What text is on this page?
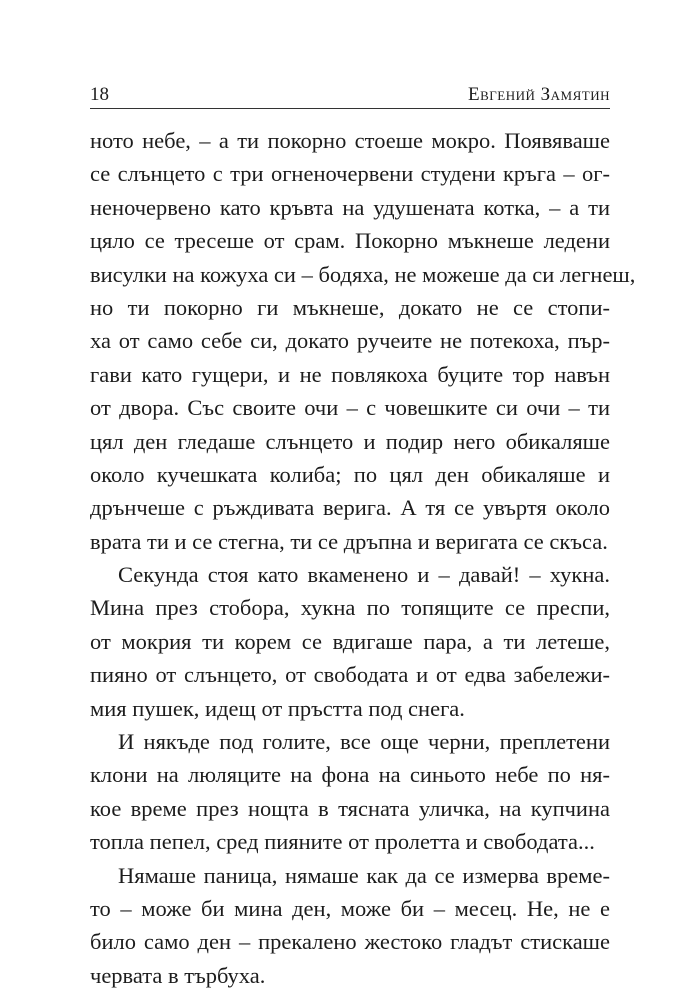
18	Евгений Замятин
ното небе, – а ти покорно стоеше мокро. Появяваше
се слънцето с три огненочервени студени кръга – ог-
неночервено като кръвта на удушената котка, – а ти
цяло се тресеше от срам. Покорно мъкнеше ледени
висулки на кожуха си – бодяха, не можеше да си легнеш,
но ти покорно ги мъкнеше, докато не се стопи-
ха от само себе си, докато ручеите не потекоха, пър-
гави като гущери, и не повлякоха буците тор навън
от двора. Със своите очи – с човешките си очи – ти
цял ден гледаше слънцето и подир него обикаляше
около кучешката колиба; по цял ден обикаляше и
дрънчеше с ръждивата верига. А тя се увъртя около
врата ти и се стегна, ти се дръпна и веригата се скъса.
Секунда стоя като вкаменено и – давай! – хукна.
Мина през стобора, хукна по топящите се преспи,
от мокрия ти корем се вдигаше пара, а ти летеше,
пияно от слънцето, от свободата и от едва забележи-
мия пушек, идещ от пръстта под снега.
И някъде под голите, все още черни, преплетени
клони на люляците на фона на синьото небе по ня-
кое време през нощта в тясната уличка, на купчина
топла пепел, сред пияните от пролетта и свободата...
Нямаше паница, нямаше как да се измерва време-
то – може би мина ден, може би – месец. Не, не е
било само ден – прекалено жестоко гладът стискаше
червата в търбуха.
